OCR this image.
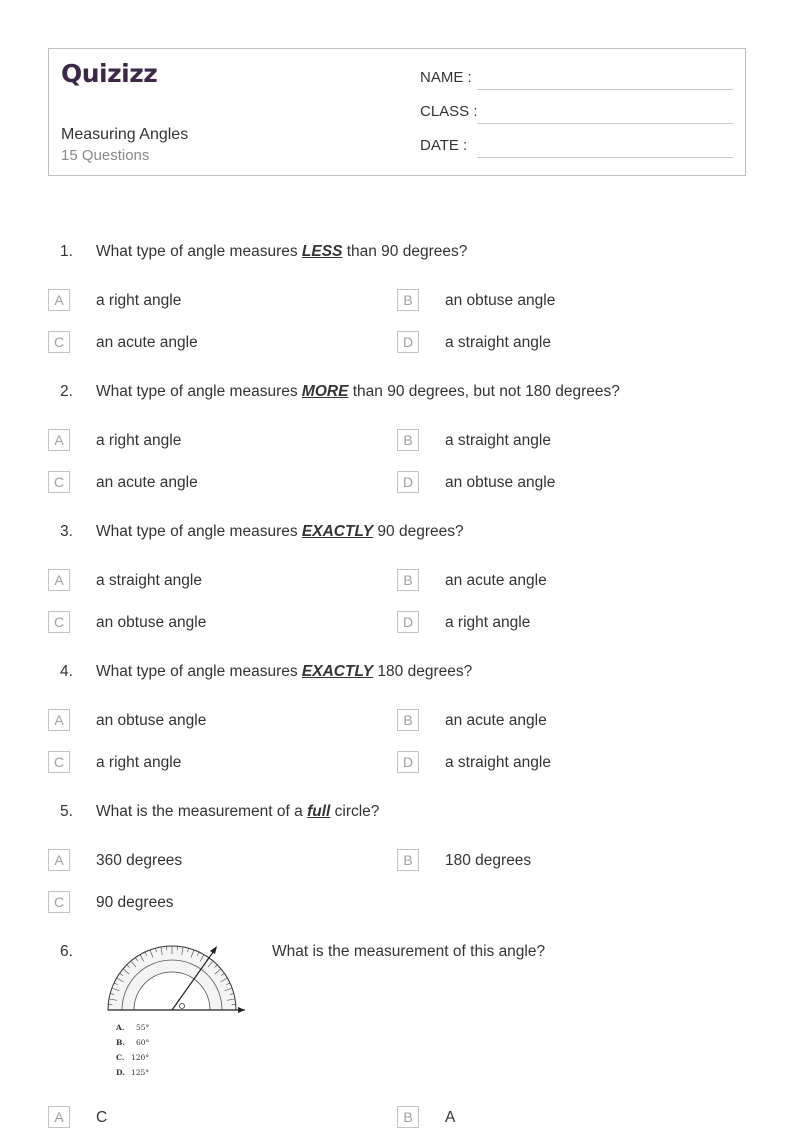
Quizizz
Measuring Angles
15 Questions
NAME :
CLASS :
DATE :
1. What type of angle measures LESS than 90 degrees?
A	a right angle	B	an obtuse angle
C	an acute angle	D	a straight angle
2. What type of angle measures MORE than 90 degrees, but not 180 degrees?
A	a right angle	B	a straight angle
C	an acute angle	D	an obtuse angle
3. What type of angle measures EXACTLY 90 degrees?
A	a straight angle	B	an acute angle
C	an obtuse angle	D	a right angle
4. What type of angle measures EXACTLY 180 degrees?
A	an obtuse angle	B	an acute angle
C	a right angle	D	a straight angle
5. What is the measurement of a full circle?
A	360 degrees	B	180 degrees
C	90 degrees
6.	What is the measurement of this angle?
A. 55°
B. 60°
C. 120°
D. 125°
A	C	B	A
